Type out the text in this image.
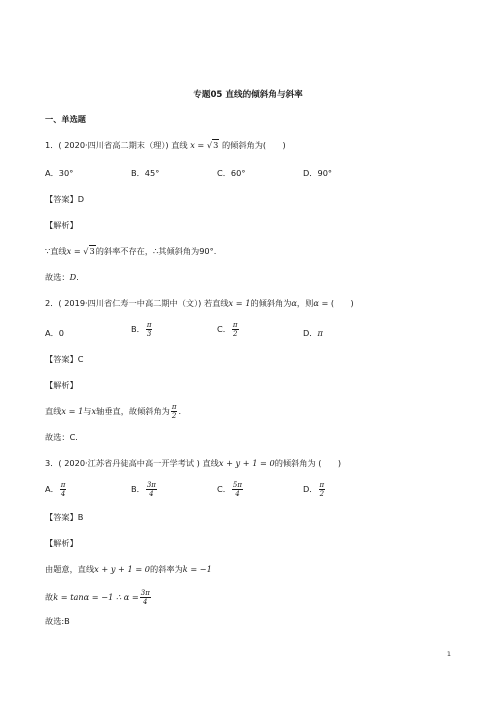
专题05 直线的倾斜角与斜率
一、单选题
1．( 2020·四川省高二期末（理）) 直线 x = √3 的倾斜角为(　　)
A．30°	B．45°	C．60°	D．90°
【答案】D
【解析】
∵直线x = √3的斜率不存在，∴其倾斜角为90°.
故选：D.
2．( 2019·四川省仁寿一中高二期中（文）) 若直线x = 1的倾斜角为α，则α = (　　)
A．0	B． $\frac{\pi}{3}$	C． $\frac{\pi}{2}$	D．π
【答案】C
【解析】
直线x = 1与x轴垂直，故倾斜角为 $\frac{\pi}{2}$ .
故选：C.
3．( 2020·江苏省丹徒高中高一开学考试 ) 直线x + y + 1 = 0的倾斜角为 (　　)
A． $\frac{\pi}{4}$	B． $\frac{3\pi}{4}$	C． $\frac{5\pi}{4}$	D． $\frac{\pi}{2}$
【答案】B
【解析】
由题意，直线x + y + 1 = 0的斜率为k = −1
故k = tanα = −1 ∴ $\alpha = \frac{3\pi}{4}$
故选:B
1
